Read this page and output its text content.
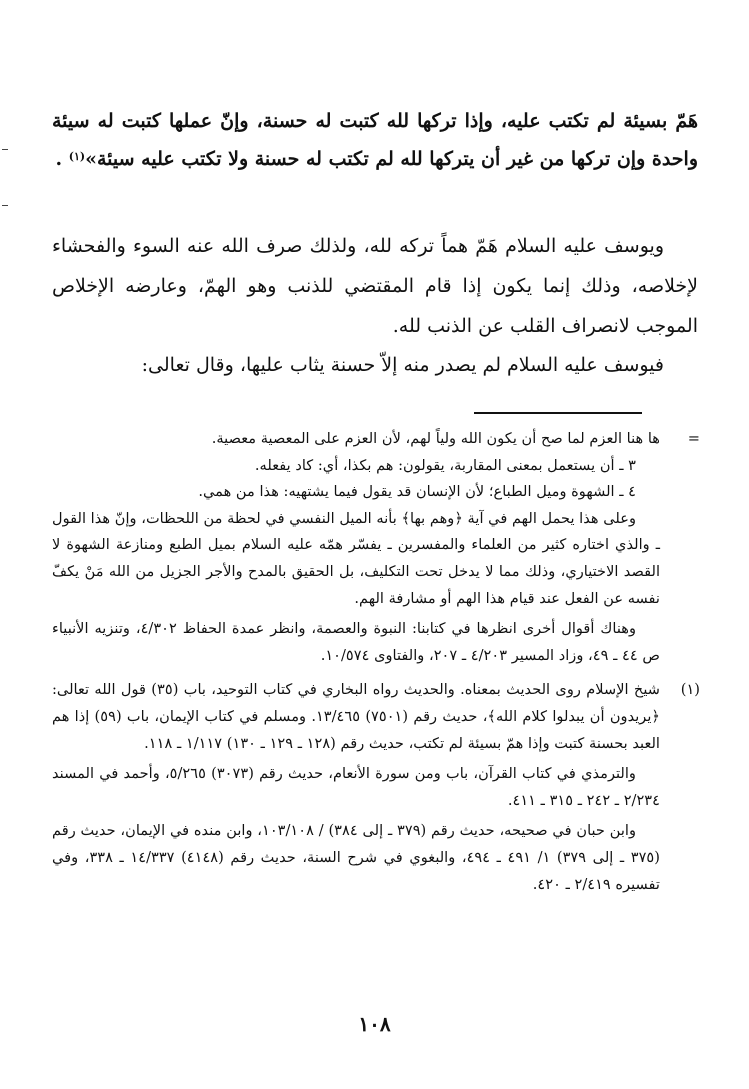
هَمّ بسيئة لم تكتب عليه، وإذا تركها لله كتبت له حسنة، وإنّ عملها كتبت له سيئة واحدة وإن تركها من غير أن يتركها لله لم تكتب له حسنة ولا تكتب عليه سيئة»$^{(١)}$ .

ويوسف عليه السلام هَمّ هماً تركه لله، ولذلك صرف الله عنه السوء والفحشاء لإخلاصه، وذلك إنما يكون إذا قام المقتضي للذنب وهو الهمّ، وعارضه الإخلاص الموجب لانصراف القلب عن الذنب لله.

فيوسف عليه السلام لم يصدر منه إلاّ حسنة يثاب عليها، وقال تعالى:

=

ها هنا العزم لما صح أن يكون الله ولياً لهم، لأن العزم على المعصية معصية.

٣ ـ أن يستعمل بمعنى المقاربة، يقولون: هم بكذا، أي: كاد يفعله.

٤ ـ الشهوة وميل الطباع؛ لأن الإنسان قد يقول فيما يشتهيه: هذا من همي.

وعلى هذا يحمل الهم في آية ﴿وهم بها﴾ بأنه الميل النفسي في لحظة من اللحظات، وإنّ هذا القول ـ والذي اختاره كثير من العلماء والمفسرين ـ يفسّر همّه عليه السلام بميل الطبع ومنازعة الشهوة لا القصد الاختياري، وذلك مما لا يدخل تحت التكليف، بل الحقيق بالمدح والأجر الجزيل من الله مَنْ يكفّ نفسه عن الفعل عند قيام هذا الهم أو مشارفة الهم.

وهناك أقوال أخرى انظرها في كتابنا: النبوة والعصمة، وانظر عمدة الحفاظ ٤/٣٠٢، وتنزيه الأنبياء ص ٤٤ ـ ٤٩، وزاد المسير ٤/٢٠٣ ـ ٢٠٧، والفتاوى ١٠/٥٧٤.

(١)

شيخ الإسلام روى الحديث بمعناه. والحديث رواه البخاري في كتاب التوحيد، باب (٣٥) قول الله تعالى: ﴿يريدون أن يبدلوا كلام الله﴾، حديث رقم (٧٥٠١) ١٣/٤٦٥. ومسلم في كتاب الإيمان، باب (٥٩) إذا هم العبد بحسنة كتبت وإذا همّ بسيئة لم تكتب، حديث رقم (١٢٨ ـ ١٢٩ ـ ١٣٠) ١/١١٧ ـ ١١٨.

والترمذي في كتاب القرآن، باب ومن سورة الأنعام، حديث رقم (٣٠٧٣) ٥/٢٦٥، وأحمد في المسند ٢/٢٣٤ ـ ٢٤٢ ـ ٣١٥ ـ ٤١١.

وابن حبان في صحيحه، حديث رقم (٣٧٩ ـ إلى ٣٨٤) / ١٠٣/١٠٨، وابن منده في الإيمان، حديث رقم (٣٧٥ ـ إلى ٣٧٩) ١/ ٤٩١ ـ ٤٩٤، والبغوي في شرح السنة، حديث رقم (٤١٤٨) ١٤/٣٣٧ ـ ٣٣٨، وفي تفسيره ٢/٤١٩ ـ ٤٢٠.

١٠٨
